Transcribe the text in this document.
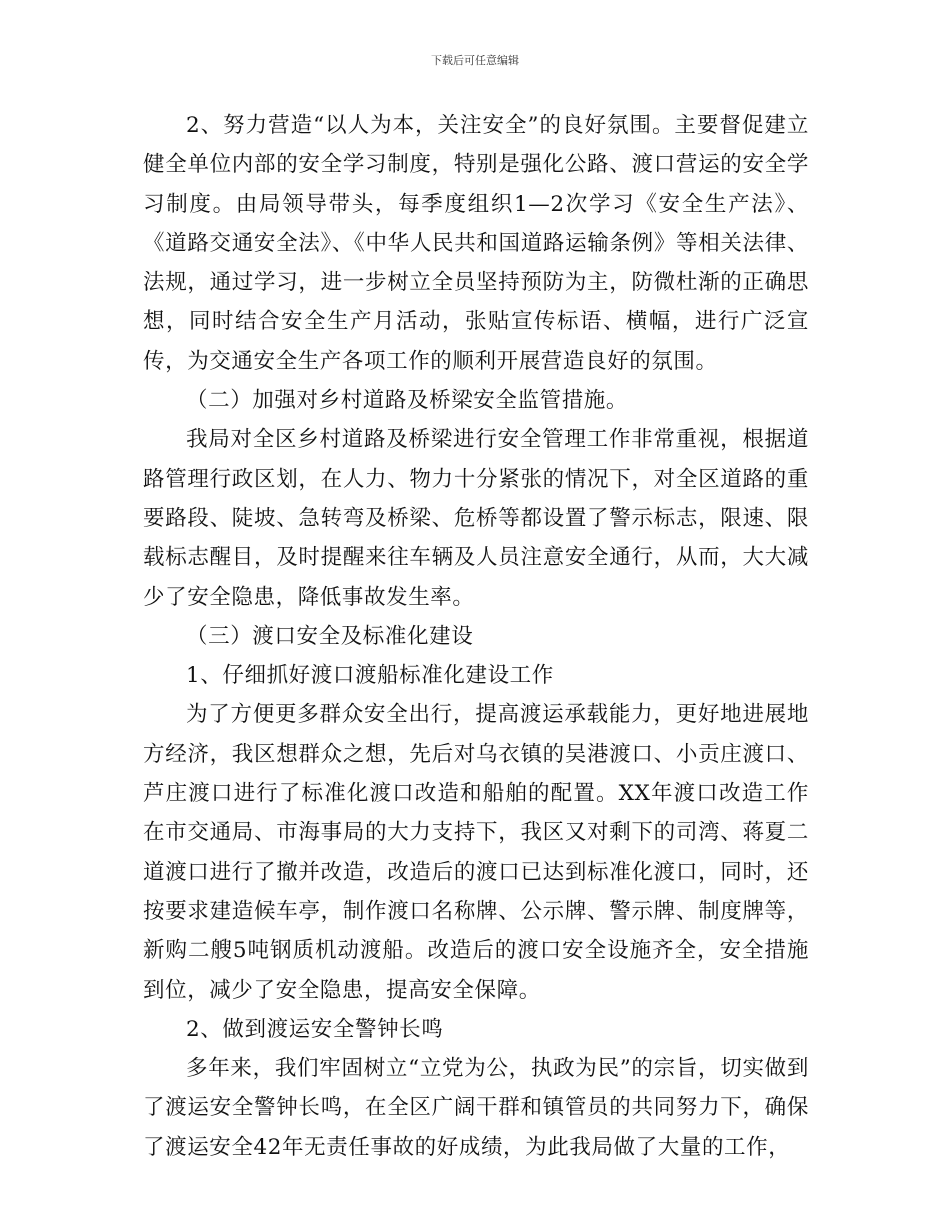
下载后可任意编辑

2、努力营造“以人为本，关注安全”的良好氛围。主要督促建立健全单位内部的安全学习制度，特别是强化公路、渡口营运的安全学习制度。由局领导带头，每季度组织1—2次学习《安全生产法》、《道路交通安全法》、《中华人民共和国道路运输条例》等相关法律、法规，通过学习，进一步树立全员坚持预防为主，防微杜渐的正确思想，同时结合安全生产月活动，张贴宣传标语、横幅，进行广泛宣传，为交通安全生产各项工作的顺利开展营造良好的氛围。

（二）加强对乡村道路及桥梁安全监管措施。

我局对全区乡村道路及桥梁进行安全管理工作非常重视，根据道路管理行政区划，在人力、物力十分紧张的情况下，对全区道路的重要路段、陡坡、急转弯及桥梁、危桥等都设置了警示标志，限速、限载标志醒目，及时提醒来往车辆及人员注意安全通行，从而，大大减少了安全隐患，降低事故发生率。

（三）渡口安全及标准化建设

1、仔细抓好渡口渡船标准化建设工作

为了方便更多群众安全出行，提高渡运承载能力，更好地进展地方经济，我区想群众之想，先后对乌衣镇的吴港渡口、小贡庄渡口、芦庄渡口进行了标准化渡口改造和船舶的配置。XX年渡口改造工作在市交通局、市海事局的大力支持下，我区又对剩下的司湾、蒋夏二道渡口进行了撤并改造，改造后的渡口已达到标准化渡口，同时，还按要求建造候车亭，制作渡口名称牌、公示牌、警示牌、制度牌等，新购二艘5吨钢质机动渡船。改造后的渡口安全设施齐全，安全措施到位，减少了安全隐患，提高安全保障。

2、做到渡运安全警钟长鸣

多年来，我们牢固树立“立党为公，执政为民”的宗旨，切实做到了渡运安全警钟长鸣，在全区广阔干群和镇管员的共同努力下，确保了渡运安全42年无责任事故的好成绩，为此我局做了大量的工作，
